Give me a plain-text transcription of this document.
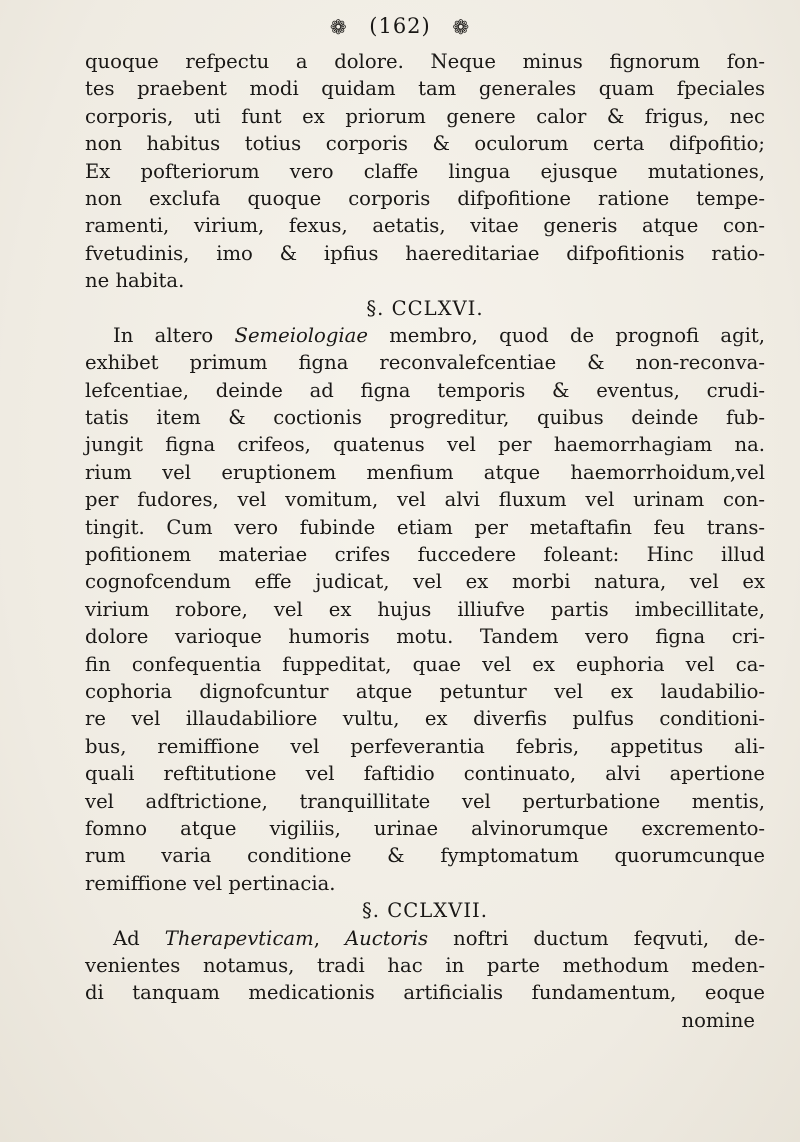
❁ (162) ❁
quoque refpectu a dolore. Neque minus fignorum fon-
tes praebent modi quidam tam generales quam fpeciales
corporis, uti funt ex priorum genere calor & frigus, nec
non habitus totius corporis & oculorum certa difpofitio;
Ex pofteriorum vero claffe lingua ejusque mutationes,
non exclufa quoque corporis difpofitione ratione tempe-
ramenti, virium, fexus, aetatis, vitae generis atque con-
fvetudinis, imo & ipfius haereditariae difpofitionis ratio-
ne habita.
§. CCLXVI.
In altero Semeiologiae membro, quod de prognofi agit,
exhibet primum figna reconvalefcentiae & non-reconva-
lefcentiae, deinde ad figna temporis & eventus, crudi-
tatis item & coctionis progreditur, quibus deinde fub-
jungit figna crifeos, quatenus vel per haemorrhagiam na.
rium vel eruptionem menfium atque haemorrhoidum,vel
per fudores, vel vomitum, vel alvi fluxum vel urinam con-
tingit. Cum vero fubinde etiam per metaftafin feu trans-
pofitionem materiae crifes fuccedere foleant: Hinc illud
cognofcendum effe judicat, vel ex morbi natura, vel ex
virium robore, vel ex hujus illiufve partis imbecillitate,
dolore varioque humoris motu. Tandem vero figna cri-
fin confequentia fuppeditat, quae vel ex euphoria vel ca-
cophoria dignofcuntur atque petuntur vel ex laudabilio-
re vel illaudabiliore vultu, ex diverfis pulfus conditioni-
bus, remiffione vel perfeverantia febris, appetitus ali-
quali reftitutione vel faftidio continuato, alvi apertione
vel adftrictione, tranquillitate vel perturbatione mentis,
fomno atque vigiliis, urinae alvinorumque excremento-
rum varia conditione & fymptomatum quorumcunque
remiffione vel pertinacia.
§. CCLXVII.
Ad Therapevticam, Auctoris noftri ductum feqvuti, de-
venientes notamus, tradi hac in parte methodum meden-
di tanquam medicationis artificialis fundamentum, eoque
nomine
